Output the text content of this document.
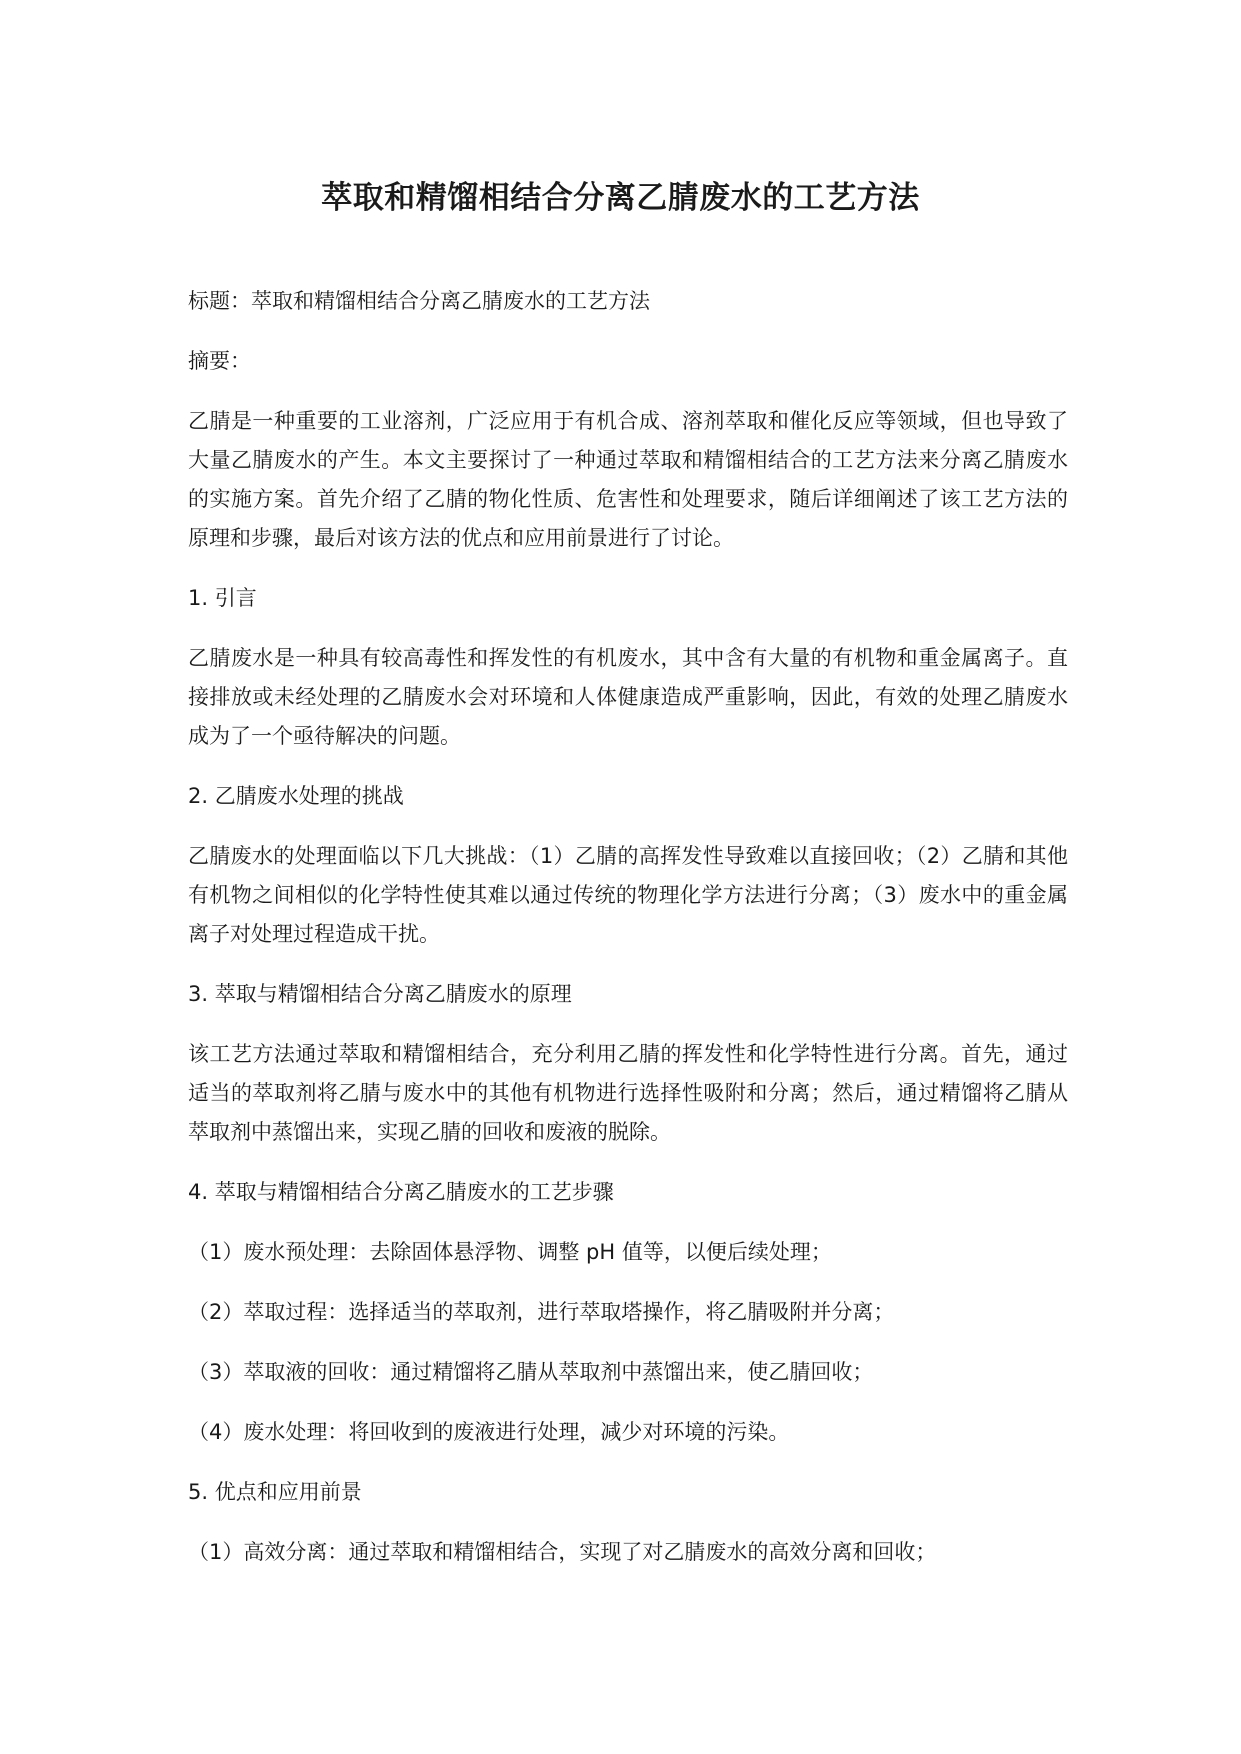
萃取和精馏相结合分离乙腈废水的工艺方法

标题：萃取和精馏相结合分离乙腈废水的工艺方法

摘要：

乙腈是一种重要的工业溶剂，广泛应用于有机合成、溶剂萃取和催化反应等领域，但也导致了大量乙腈废水的产生。本文主要探讨了一种通过萃取和精馏相结合的工艺方法来分离乙腈废水的实施方案。首先介绍了乙腈的物化性质、危害性和处理要求，随后详细阐述了该工艺方法的原理和步骤，最后对该方法的优点和应用前景进行了讨论。

1. 引言

乙腈废水是一种具有较高毒性和挥发性的有机废水，其中含有大量的有机物和重金属离子。直接排放或未经处理的乙腈废水会对环境和人体健康造成严重影响，因此，有效的处理乙腈废水成为了一个亟待解决的问题。

2. 乙腈废水处理的挑战

乙腈废水的处理面临以下几大挑战：（1）乙腈的高挥发性导致难以直接回收；（2）乙腈和其他有机物之间相似的化学特性使其难以通过传统的物理化学方法进行分离；（3）废水中的重金属离子对处理过程造成干扰。

3. 萃取与精馏相结合分离乙腈废水的原理

该工艺方法通过萃取和精馏相结合，充分利用乙腈的挥发性和化学特性进行分离。首先，通过适当的萃取剂将乙腈与废水中的其他有机物进行选择性吸附和分离；然后，通过精馏将乙腈从萃取剂中蒸馏出来，实现乙腈的回收和废液的脱除。

4. 萃取与精馏相结合分离乙腈废水的工艺步骤

（1）废水预处理：去除固体悬浮物、调整 pH 值等，以便后续处理；

（2）萃取过程：选择适当的萃取剂，进行萃取塔操作，将乙腈吸附并分离；

（3）萃取液的回收：通过精馏将乙腈从萃取剂中蒸馏出来，使乙腈回收；

（4）废水处理：将回收到的废液进行处理，减少对环境的污染。

5. 优点和应用前景

（1）高效分离：通过萃取和精馏相结合，实现了对乙腈废水的高效分离和回收；
